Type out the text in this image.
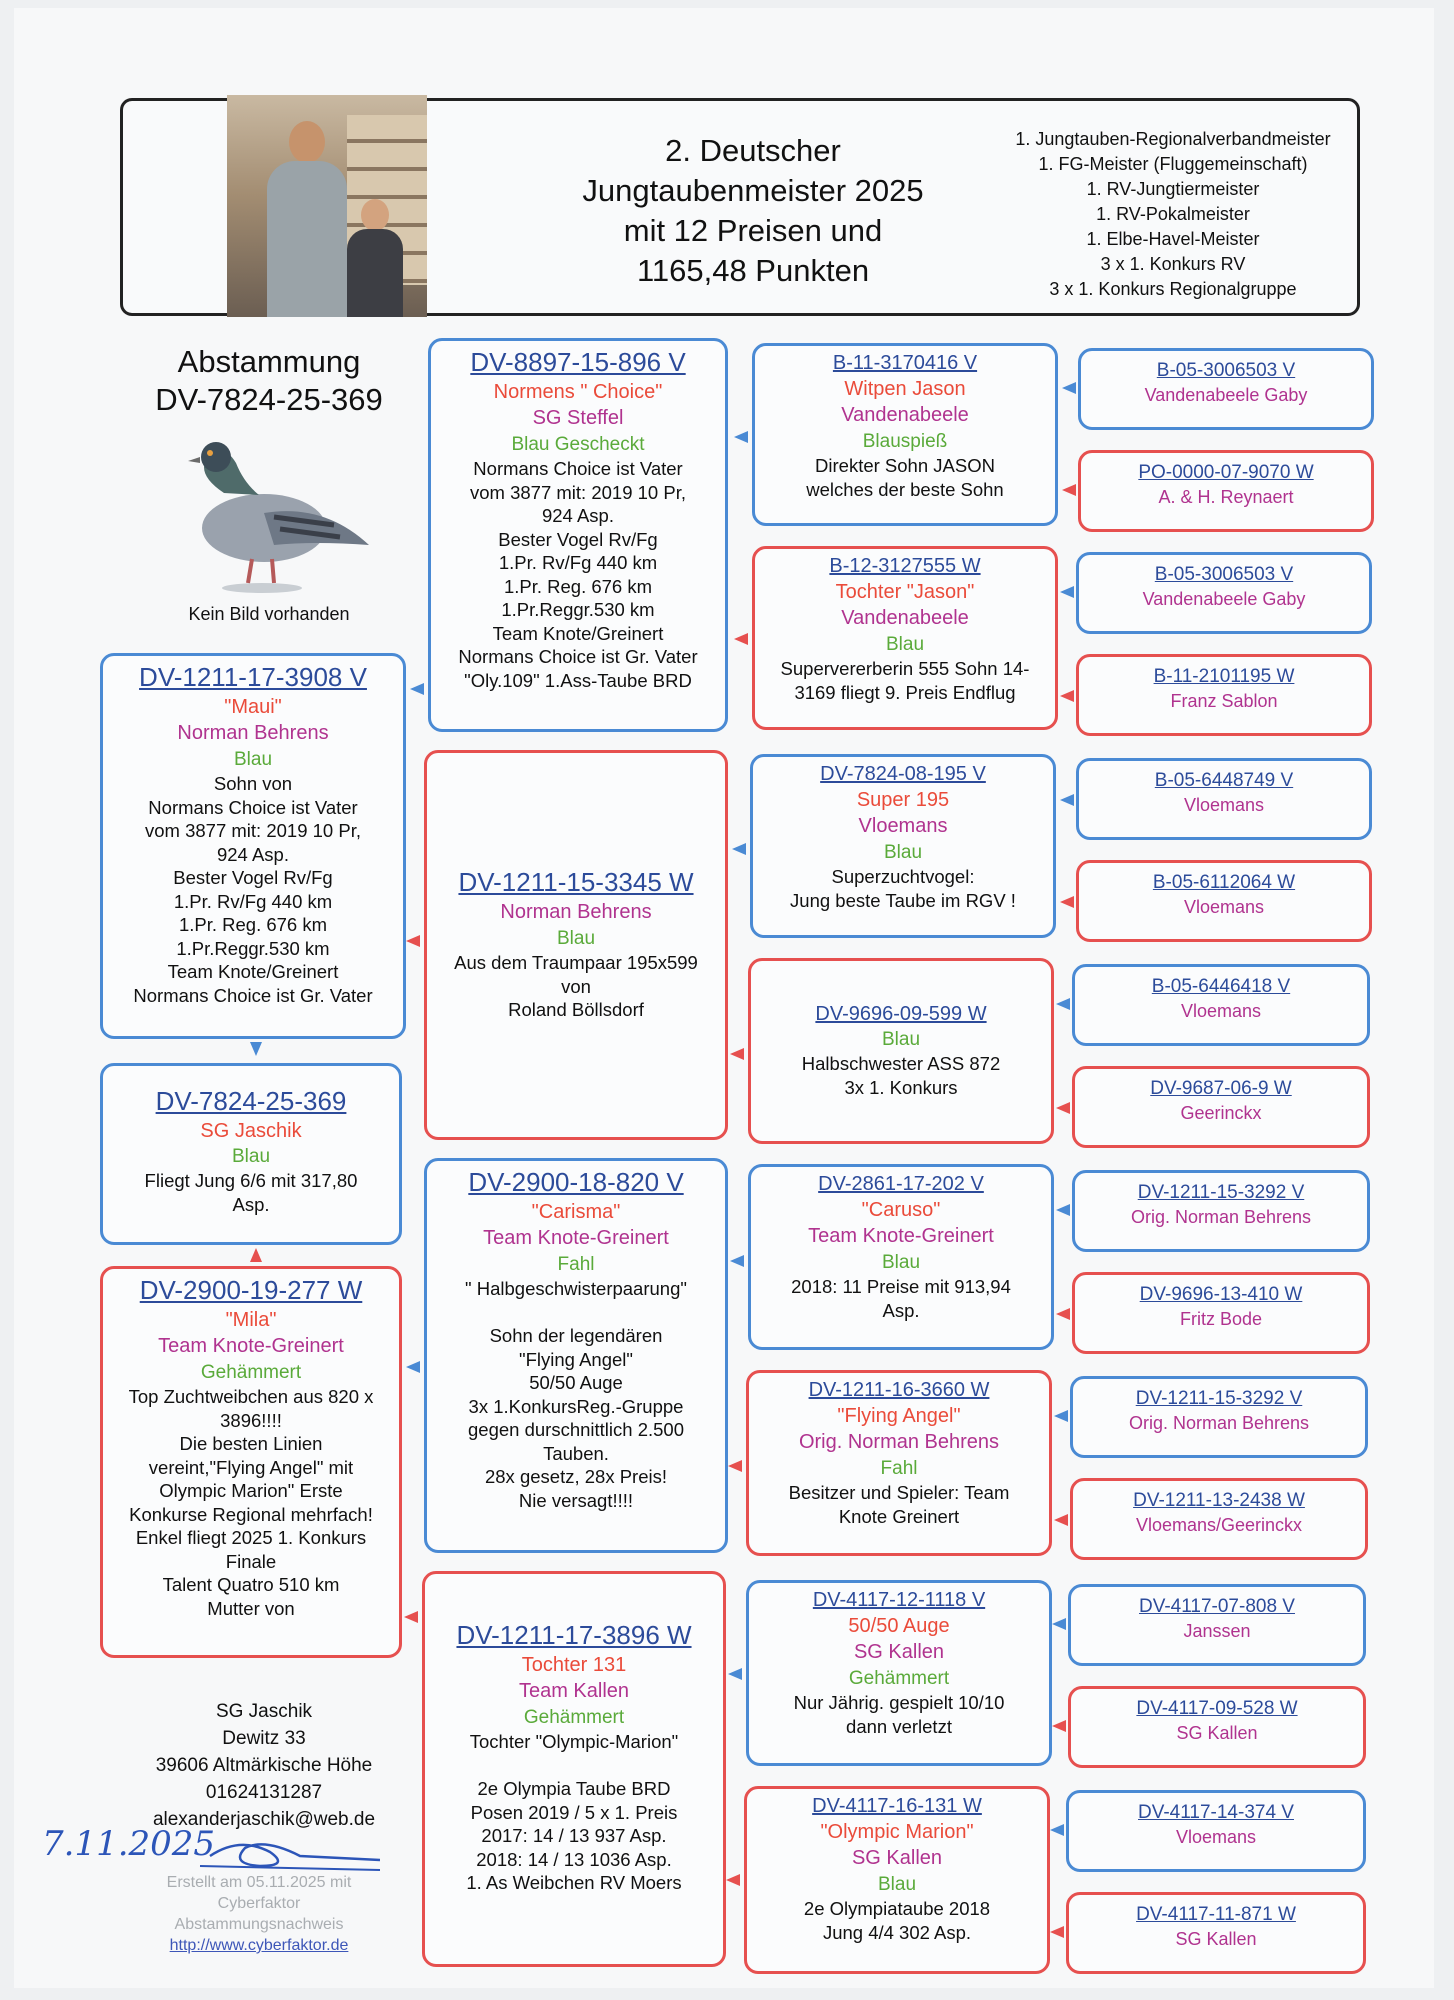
2. Deutscher
Jungtaubenmeister 2025
mit 12 Preisen und
1165,48 Punkten
1. Jungtauben-Regionalverbandmeister
1. FG-Meister (Fluggemeinschaft)
1. RV-Jungtiermeister
1. RV-Pokalmeister
1. Elbe-Havel-Meister
3 x 1. Konkurs RV
3 x 1. Konkurs Regionalgruppe
Abstammung
DV-7824-25-369
Kein Bild vorhanden
DV-1211-17-3908 V
"Maui"
Norman Behrens
Blau
Sohn von
Normans Choice ist Vater
vom 3877 mit: 2019 10 Pr,
924 Asp.
Bester Vogel Rv/Fg
1.Pr. Rv/Fg 440 km
1.Pr. Reg. 676 km
1.Pr.Reggr.530 km
Team Knote/Greinert
Normans Choice ist Gr. Vater
DV-7824-25-369
SG Jaschik
Blau
Fliegt Jung 6/6 mit 317,80
Asp.
DV-2900-19-277 W
"Mila"
Team Knote-Greinert
Gehämmert
Top Zuchtweibchen aus 820 x
3896!!!!
Die besten Linien
vereint,"Flying Angel" mit
Olympic Marion" Erste
Konkurse Regional mehrfach!
Enkel fliegt 2025 1. Konkurs
Finale
Talent Quatro 510 km
Mutter von
DV-8897-15-896 V
Normens " Choice"
SG Steffel
Blau Gescheckt
Normans Choice ist Vater
vom 3877 mit: 2019 10 Pr,
924 Asp.
Bester Vogel Rv/Fg
1.Pr. Rv/Fg 440 km
1.Pr. Reg. 676 km
1.Pr.Reggr.530 km
Team Knote/Greinert
Normans Choice ist Gr. Vater
"Oly.109" 1.Ass-Taube BRD
DV-1211-15-3345 W
Norman Behrens
Blau
Aus dem Traumpaar 195x599
von
Roland Böllsdorf
DV-2900-18-820 V
"Carisma"
Team Knote-Greinert
Fahl
" Halbgeschwisterpaarung"

Sohn der legendären
"Flying Angel"
50/50 Auge
3x 1.KonkursReg.-Gruppe
gegen durschnittlich 2.500
Tauben.
28x gesetz, 28x Preis!
Nie versagt!!!!
DV-1211-17-3896 W
Tochter 131
Team Kallen
Gehämmert
Tochter "Olympic-Marion"

2e Olympia Taube BRD
Posen 2019 / 5 x 1. Preis
2017: 14 / 13 937 Asp.
2018: 14 / 13 1036 Asp.
1. As Weibchen RV Moers
B-11-3170416 V
Witpen Jason
Vandenabeele
Blauspieß
Direkter Sohn JASON
welches der beste Sohn
B-12-3127555 W
Tochter "Jason"
Vandenabeele
Blau
Supervererberin 555 Sohn 14-
3169 fliegt 9. Preis Endflug
DV-7824-08-195 V
Super 195
Vloemans
Blau
Superzuchtvogel:
Jung beste Taube im RGV !
DV-9696-09-599 W
Blau
Halbschwester ASS 872
3x 1. Konkurs
DV-2861-17-202 V
"Caruso"
Team Knote-Greinert
Blau
2018: 11 Preise mit 913,94
Asp.
DV-1211-16-3660 W
"Flying Angel"
Orig. Norman Behrens
Fahl
Besitzer und Spieler: Team
Knote Greinert
DV-4117-12-1118 V
50/50 Auge
SG Kallen
Gehämmert
Nur Jährig. gespielt 10/10
dann verletzt
DV-4117-16-131 W
"Olympic Marion"
SG Kallen
Blau
2e Olympiataube 2018
Jung 4/4 302 Asp.
B-05-3006503 V
Vandenabeele Gaby
PO-0000-07-9070 W
A. & H. Reynaert
B-05-3006503 V
Vandenabeele Gaby
B-11-2101195 W
Franz Sablon
B-05-6448749 V
Vloemans
B-05-6112064 W
Vloemans
B-05-6446418 V
Vloemans
DV-9687-06-9 W
Geerinckx
DV-1211-15-3292 V
Orig. Norman Behrens
DV-9696-13-410 W
Fritz Bode
DV-1211-15-3292 V
Orig. Norman Behrens
DV-1211-13-2438 W
Vloemans/Geerinckx
DV-4117-07-808 V
Janssen
DV-4117-09-528 W
SG Kallen
DV-4117-14-374 V
Vloemans
DV-4117-11-871 W
SG Kallen
SG Jaschik
Dewitz 33
39606 Altmärkische Höhe
01624131287
alexanderjaschik@web.de
7.11.2025
Erstellt am 05.11.2025 mit
Cyberfaktor
Abstammungsnachweis
http://www.cyberfaktor.de
